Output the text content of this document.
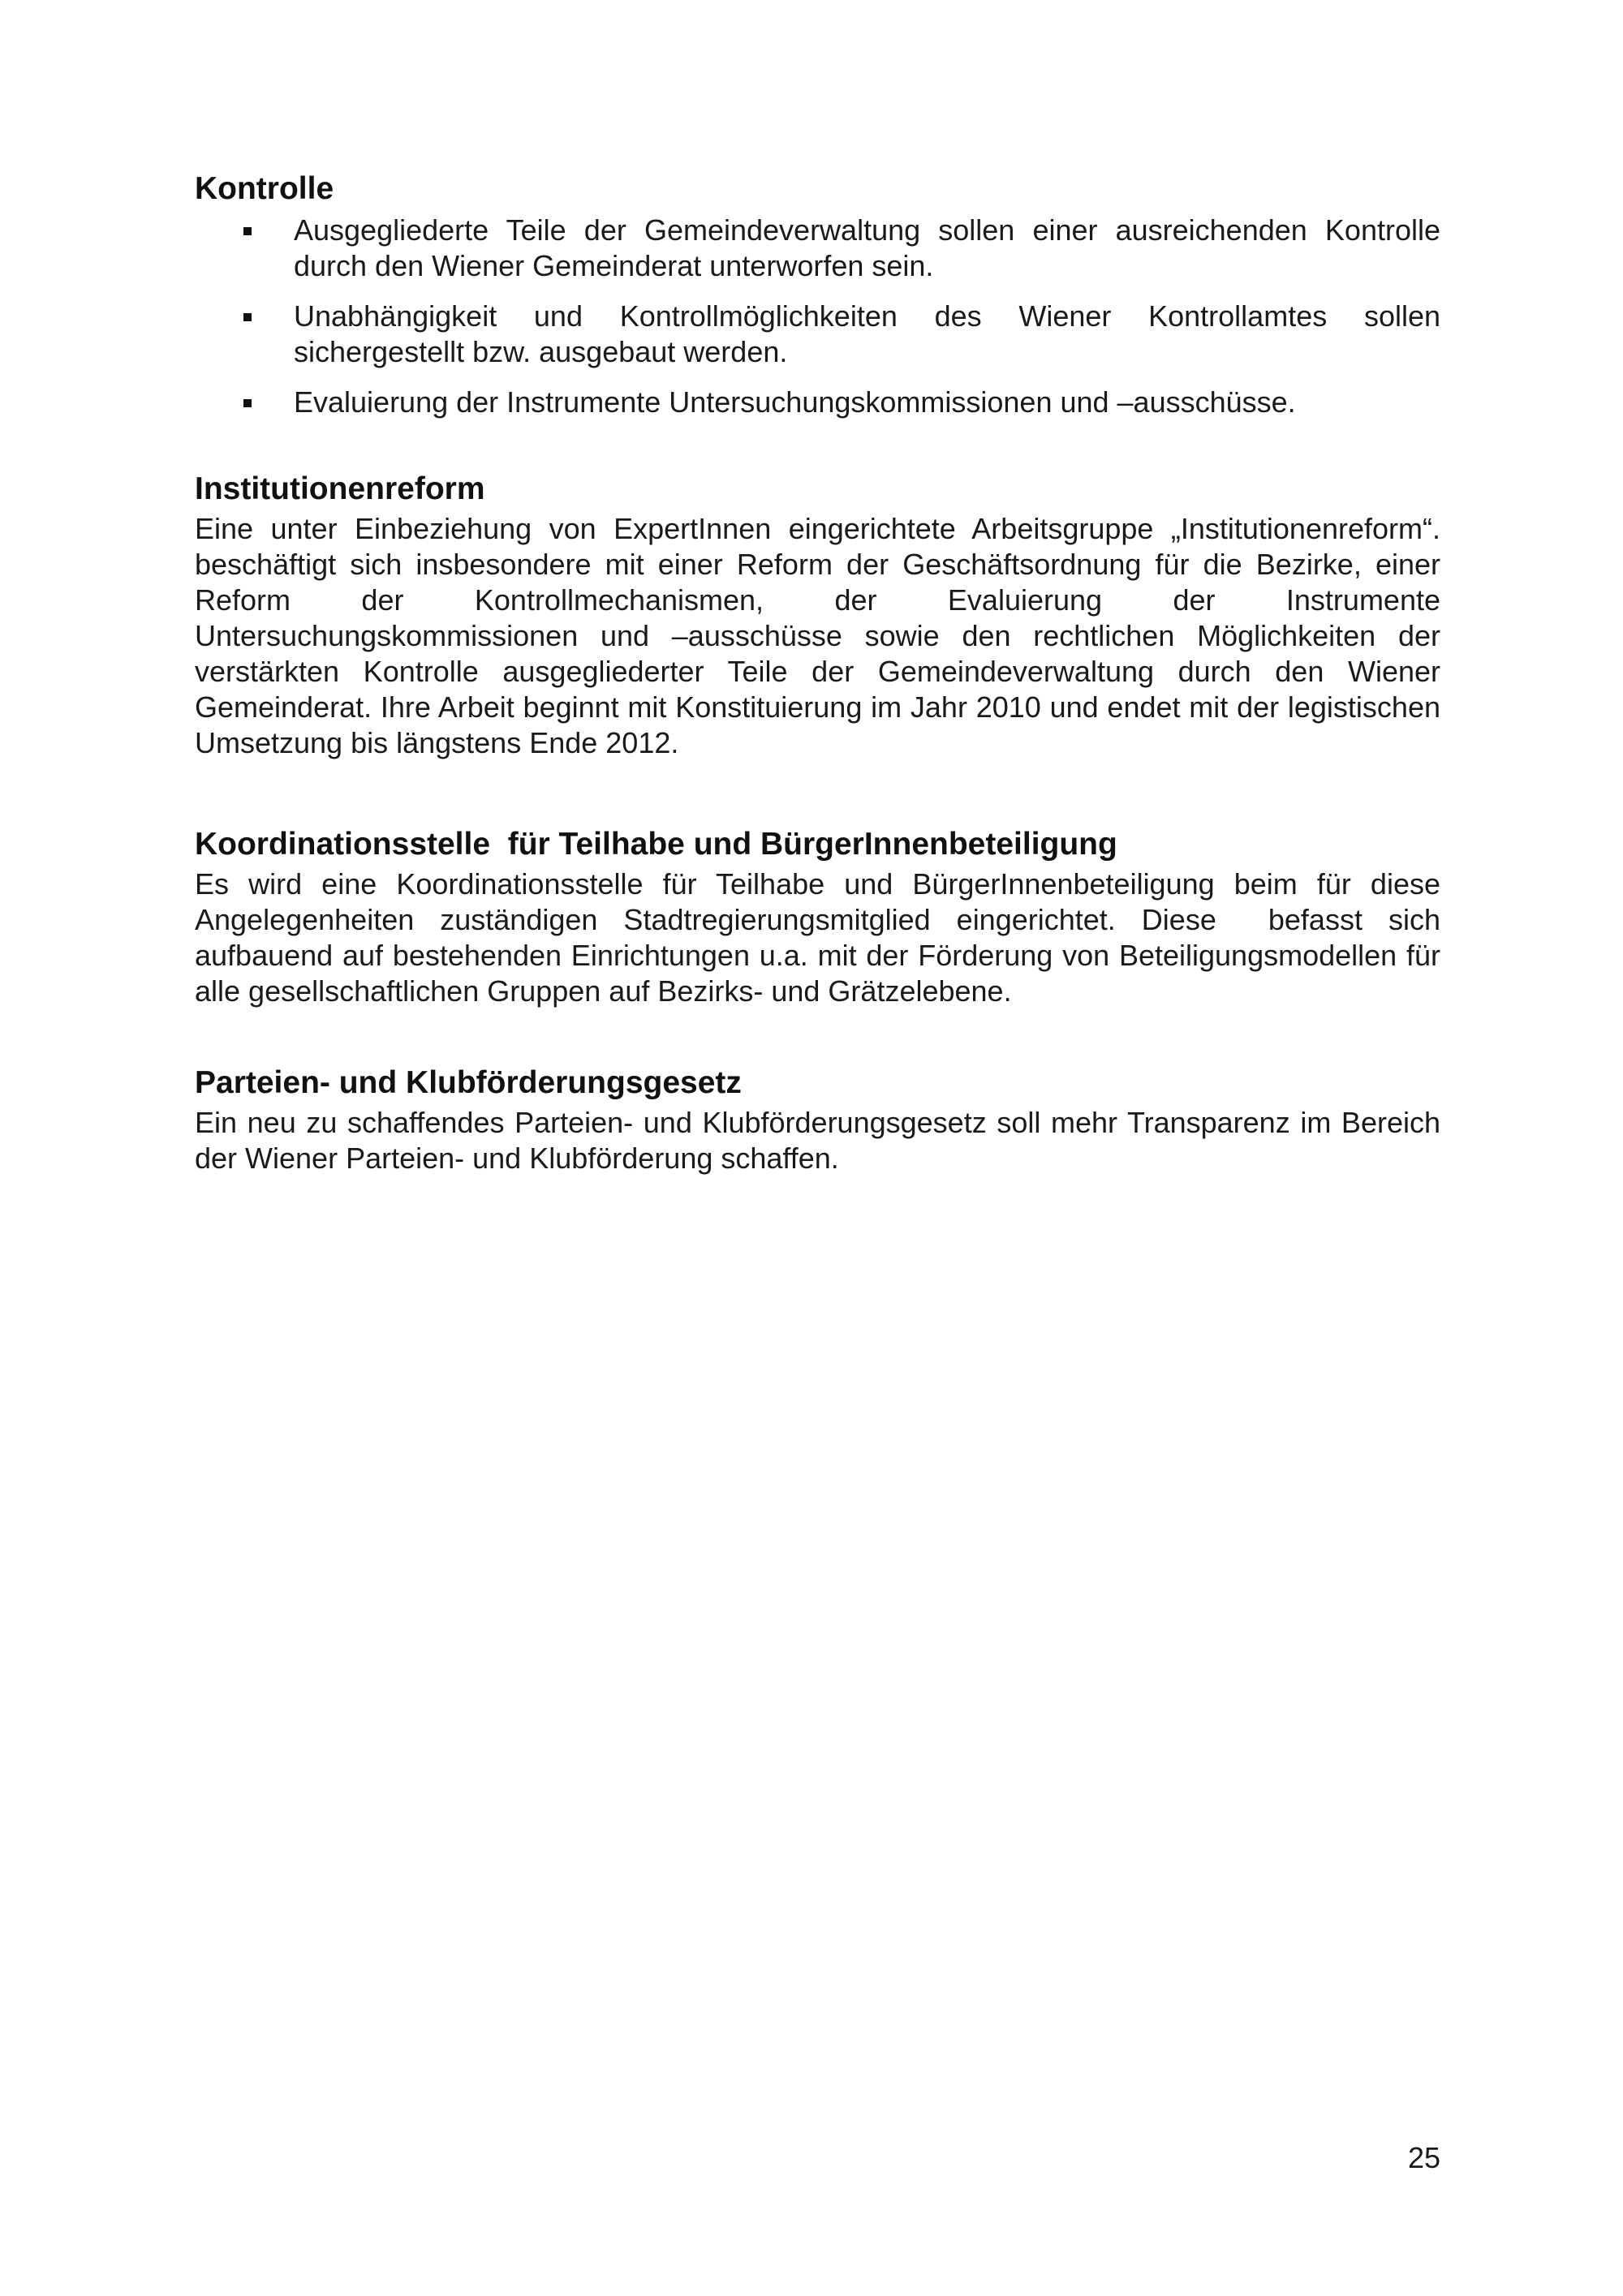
Kontrolle
Ausgegliederte Teile der Gemeindeverwaltung sollen einer ausreichenden Kontrolle durch den Wiener Gemeinderat unterworfen sein.
Unabhängigkeit und Kontrollmöglichkeiten des Wiener Kontrollamtes sollen sichergestellt bzw. ausgebaut werden.
Evaluierung der Instrumente Untersuchungskommissionen und –ausschüsse.
Institutionenreform

Eine unter Einbeziehung von ExpertInnen eingerichtete Arbeitsgruppe „Institutionenreform“. beschäftigt sich insbesondere mit einer Reform der Geschäftsordnung für die Bezirke, einer Reform der Kontrollmechanismen, der Evaluierung der Instrumente Untersuchungskommissionen und –ausschüsse sowie den rechtlichen Möglichkeiten der verstärkten Kontrolle ausgegliederter Teile der Gemeindeverwaltung durch den Wiener Gemeinderat. Ihre Arbeit beginnt mit Konstituierung im Jahr 2010 und endet mit der legistischen Umsetzung bis längstens Ende 2012.

Koordinationsstelle  für Teilhabe und BürgerInnenbeteiligung

Es wird eine Koordinationsstelle für Teilhabe und BürgerInnenbeteiligung beim für diese Angelegenheiten zuständigen Stadtregierungsmitglied eingerichtet. Diese  befasst sich aufbauend auf bestehenden Einrichtungen u.a. mit der Förderung von Beteiligungsmodellen für alle gesellschaftlichen Gruppen auf Bezirks- und Grätzelebene.

Parteien- und Klubförderungsgesetz

Ein neu zu schaffendes Parteien- und Klubförderungsgesetz soll mehr Transparenz im Bereich der Wiener Parteien- und Klubförderung schaffen.

25
